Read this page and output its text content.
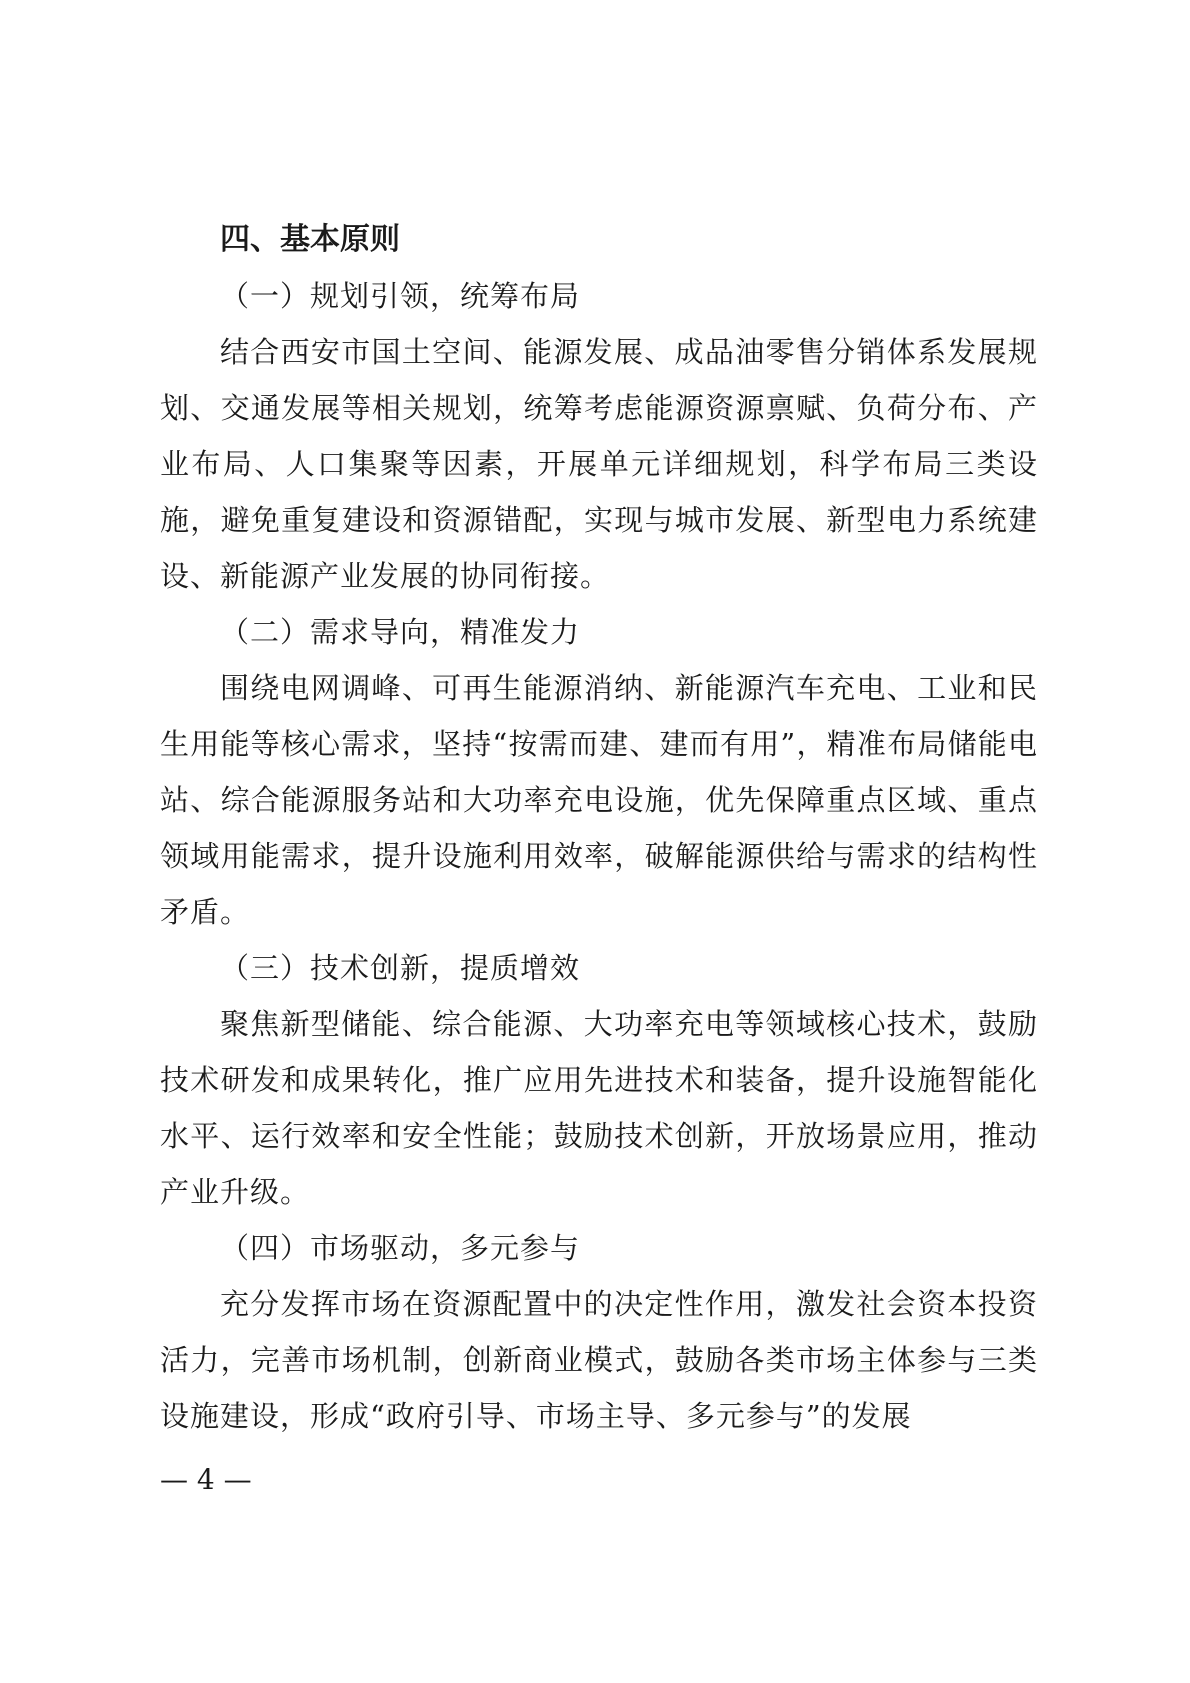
四、基本原则

（一）规划引领，统筹布局

结合西安市国土空间、能源发展、成品油零售分销体系发展规划、交通发展等相关规划，统筹考虑能源资源禀赋、负荷分布、产业布局、人口集聚等因素，开展单元详细规划，科学布局三类设施，避免重复建设和资源错配，实现与城市发展、新型电力系统建设、新能源产业发展的协同衔接。

（二）需求导向，精准发力

围绕电网调峰、可再生能源消纳、新能源汽车充电、工业和民生用能等核心需求，坚持“按需而建、建而有用”，精准布局储能电站、综合能源服务站和大功率充电设施，优先保障重点区域、重点领域用能需求，提升设施利用效率，破解能源供给与需求的结构性矛盾。

（三）技术创新，提质增效

聚焦新型储能、综合能源、大功率充电等领域核心技术，鼓励技术研发和成果转化，推广应用先进技术和装备，提升设施智能化水平、运行效率和安全性能；鼓励技术创新，开放场景应用，推动产业升级。

（四）市场驱动，多元参与

充分发挥市场在资源配置中的决定性作用，激发社会资本投资活力，完善市场机制，创新商业模式，鼓励各类市场主体参与三类设施建设，形成“政府引导、市场主导、多元参与”的发展

— 4 —
